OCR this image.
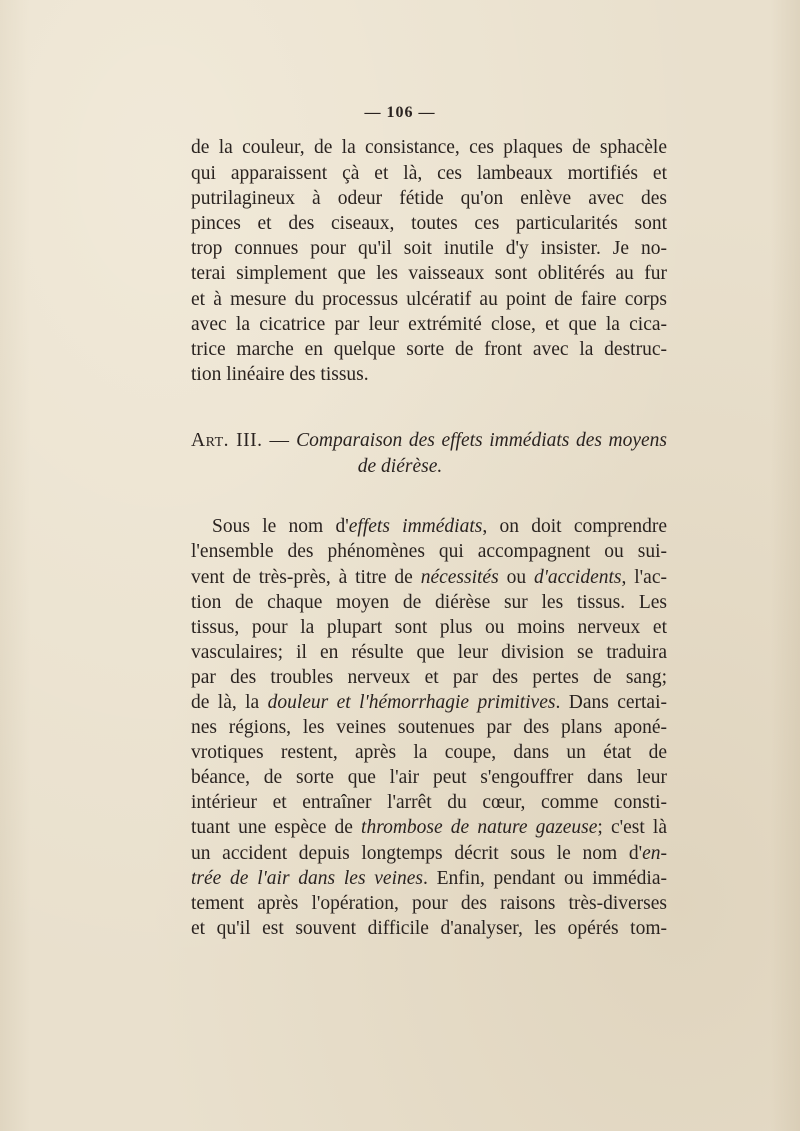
— 106 —
de la couleur, de la consistance, ces plaques de sphacèle
qui apparaissent çà et là, ces lambeaux mortifiés et
putrilagineux à odeur fétide qu'on enlève avec des
pinces et des ciseaux, toutes ces particularités sont
trop connues pour qu'il soit inutile d'y insister. Je no-
terai simplement que les vaisseaux sont oblitérés au fur
et à mesure du processus ulcératif au point de faire corps
avec la cicatrice par leur extrémité close, et que la cica-
trice marche en quelque sorte de front avec la destruc-
tion linéaire des tissus.
Art. III. — Comparaison des effets immédiats des moyens
de diérèse.
Sous le nom d'effets immédiats, on doit comprendre
l'ensemble des phénomènes qui accompagnent ou sui-
vent de très-près, à titre de nécessités ou d'accidents, l'ac-
tion de chaque moyen de diérèse sur les tissus. Les
tissus, pour la plupart sont plus ou moins nerveux et
vasculaires; il en résulte que leur division se traduira
par des troubles nerveux et par des pertes de sang;
de là, la douleur et l'hémorrhagie primitives. Dans certai-
nes régions, les veines soutenues par des plans aponé-
vrotiques restent, après la coupe, dans un état de
béance, de sorte que l'air peut s'engouffrer dans leur
intérieur et entraîner l'arrêt du cœur, comme consti-
tuant une espèce de thrombose de nature gazeuse; c'est là
un accident depuis longtemps décrit sous le nom d'en-
trée de l'air dans les veines. Enfin, pendant ou immédia-
tement après l'opération, pour des raisons très-diverses
et qu'il est souvent difficile d'analyser, les opérés tom-
